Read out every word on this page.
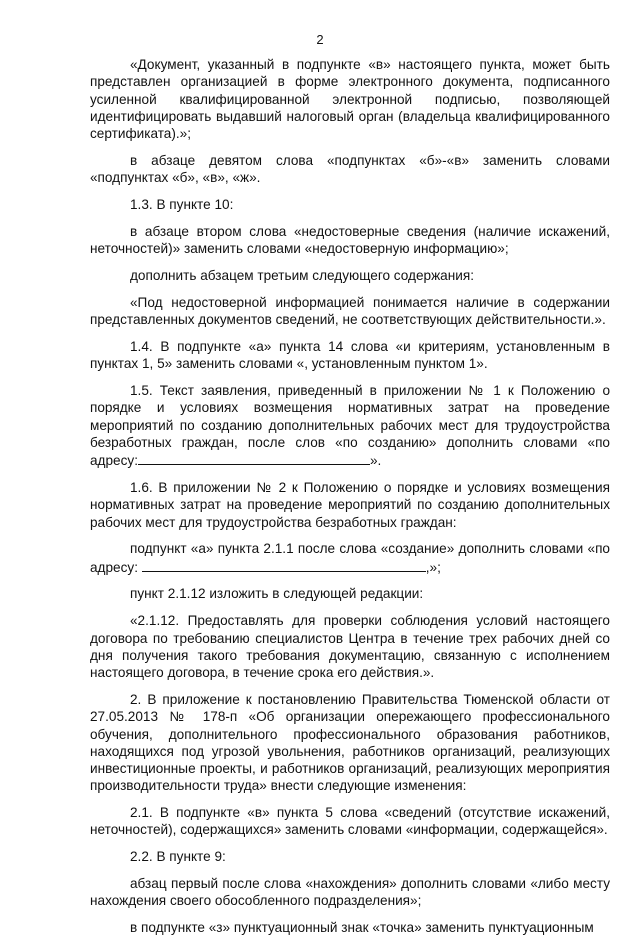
2

«Документ, указанный в подпункте «в» настоящего пункта, может быть представлен организацией в форме электронного документа, подписанного усиленной квалифицированной электронной подписью, позволяющей идентифицировать выдавший налоговый орган (владельца квалифицированного сертификата).»;

в абзаце девятом слова «подпунктах «б»-«в» заменить словами «подпунктах «б», «в», «ж».

1.3. В пункте 10:

в абзаце втором слова «недостоверные сведения (наличие искажений, неточностей)» заменить словами «недостоверную информацию»;

дополнить абзацем третьим следующего содержания:

«Под недостоверной информацией понимается наличие в содержании представленных документов сведений, не соответствующих действительности.».

1.4. В подпункте «а» пункта 14 слова «и критериям, установленным в пунктах 1, 5» заменить словами «, установленным пунктом 1».

1.5. Текст заявления, приведенный в приложении № 1 к Положению о порядке и условиях возмещения нормативных затрат на проведение мероприятий по созданию дополнительных рабочих мест для трудоустройства безработных граждан, после слов «по созданию» дополнить словами «по адресу:	».

1.6. В приложении № 2 к Положению о порядке и условиях возмещения нормативных затрат на проведение мероприятий по созданию дополнительных рабочих мест для трудоустройства безработных граждан:

подпункт «а» пункта 2.1.1 после слова «создание» дополнить словами «по адресу:	,»;

пункт 2.1.12 изложить в следующей редакции:

«2.1.12. Предоставлять для проверки соблюдения условий настоящего договора по требованию специалистов Центра в течение трех рабочих дней со дня получения такого требования документацию, связанную с исполнением настоящего договора, в течение срока его действия.».

2. В приложение к постановлению Правительства Тюменской области от 27.05.2013 № 178-п «Об организации опережающего профессионального обучения, дополнительного профессионального образования работников, находящихся под угрозой увольнения, работников организаций, реализующих инвестиционные проекты, и работников организаций, реализующих мероприятия производительности труда» внести следующие изменения:

2.1. В подпункте «в» пункта 5 слова «сведений (отсутствие искажений, неточностей), содержащихся» заменить словами «информации, содержащейся».

2.2. В пункте 9:

абзац первый после слова «нахождения» дополнить словами «либо месту нахождения своего обособленного подразделения»;

в подпункте «з» пунктуационный знак «точка» заменить пунктуационным
